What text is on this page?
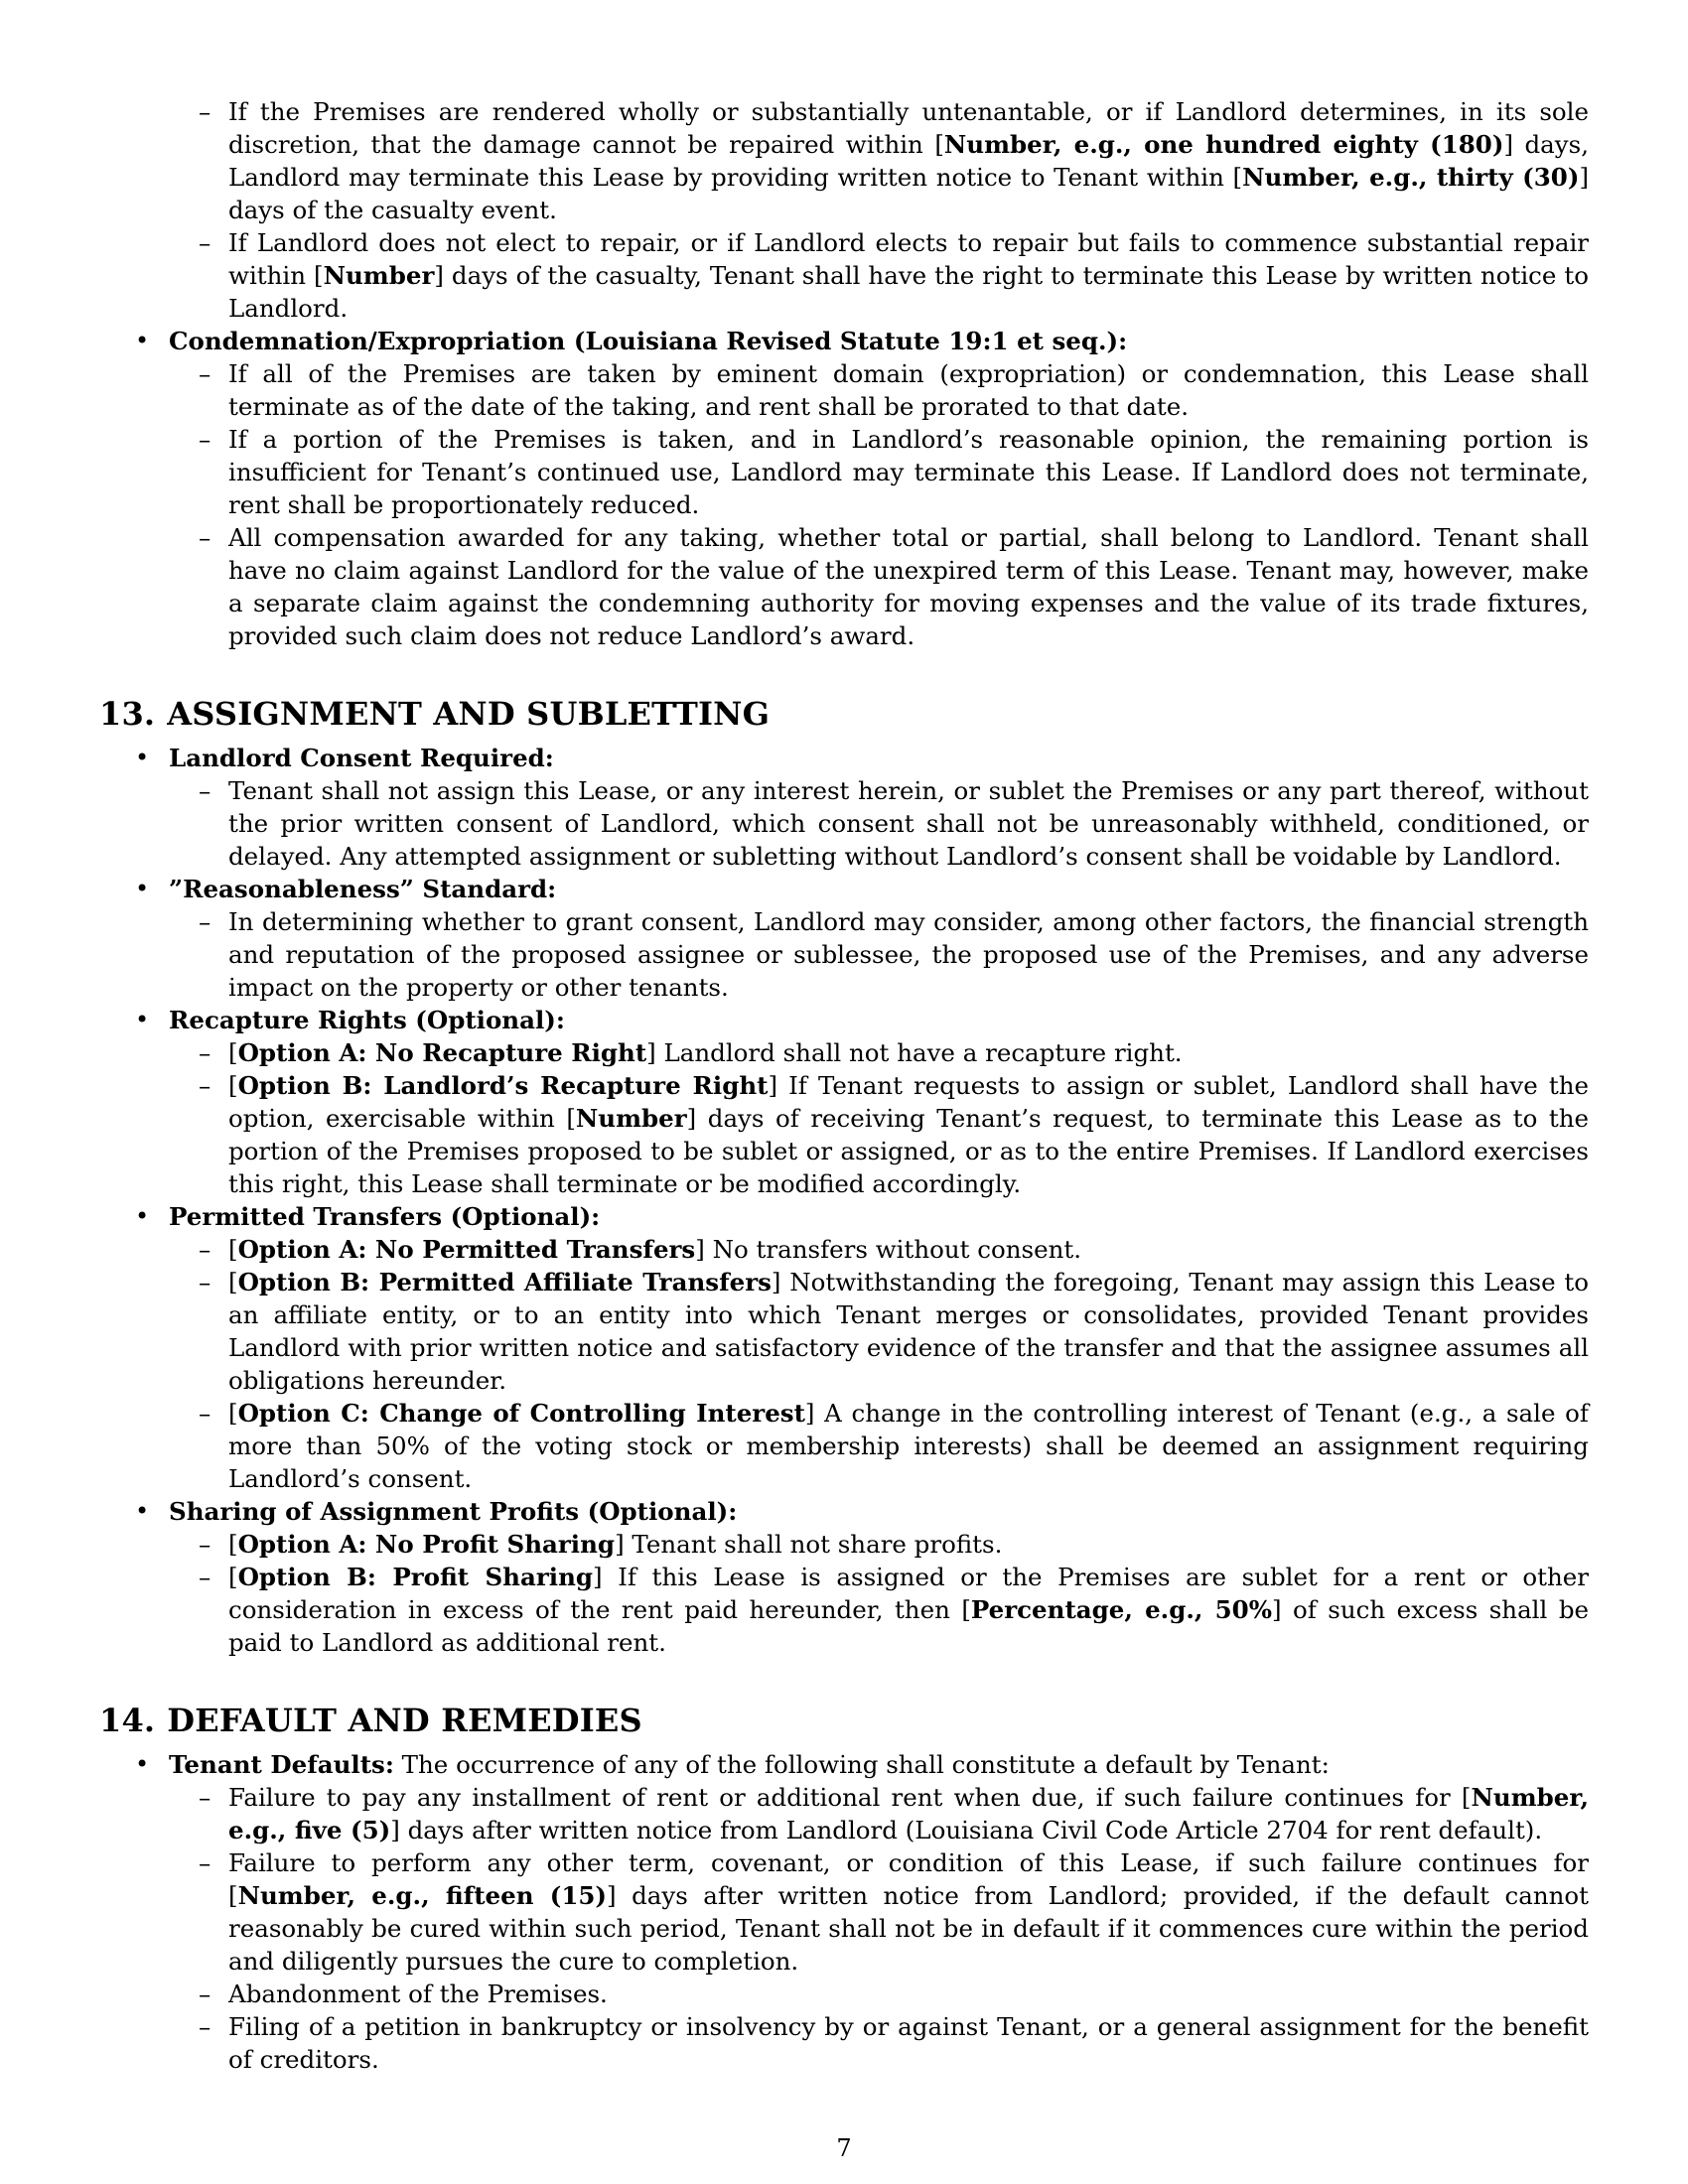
– If the Premises are rendered wholly or substantially untenantable, or if Landlord determines, in its sole discretion, that the damage cannot be repaired within [Number, e.g., one hundred eighty (180)] days, Landlord may terminate this Lease by providing written notice to Tenant within [Number, e.g., thirty (30)] days of the casualty event.
– If Landlord does not elect to repair, or if Landlord elects to repair but fails to commence substantial repair within [Number] days of the casualty, Tenant shall have the right to terminate this Lease by written notice to Landlord.
• Condemnation/Expropriation (Louisiana Revised Statute 19:1 et seq.):
– If all of the Premises are taken by eminent domain (expropriation) or condemnation, this Lease shall terminate as of the date of the taking, and rent shall be prorated to that date.
– If a portion of the Premises is taken, and in Landlord’s reasonable opinion, the remaining portion is insufficient for Tenant’s continued use, Landlord may terminate this Lease. If Landlord does not terminate, rent shall be proportionately reduced.
– All compensation awarded for any taking, whether total or partial, shall belong to Landlord. Tenant shall have no claim against Landlord for the value of the unexpired term of this Lease. Tenant may, however, make a separate claim against the condemning authority for moving expenses and the value of its trade fixtures, provided such claim does not reduce Landlord’s award.
13. ASSIGNMENT AND SUBLETTING
• Landlord Consent Required:
– Tenant shall not assign this Lease, or any interest herein, or sublet the Premises or any part thereof, without the prior written consent of Landlord, which consent shall not be unreasonably withheld, conditioned, or delayed. Any attempted assignment or subletting without Landlord’s consent shall be voidable by Landlord.
• ”Reasonableness” Standard:
– In determining whether to grant consent, Landlord may consider, among other factors, the financial strength and reputation of the proposed assignee or sublessee, the proposed use of the Premises, and any adverse impact on the property or other tenants.
• Recapture Rights (Optional):
– [Option A: No Recapture Right] Landlord shall not have a recapture right.
– [Option B: Landlord’s Recapture Right] If Tenant requests to assign or sublet, Landlord shall have the option, exercisable within [Number] days of receiving Tenant’s request, to terminate this Lease as to the portion of the Premises proposed to be sublet or assigned, or as to the entire Premises. If Landlord exercises this right, this Lease shall terminate or be modified accordingly.
• Permitted Transfers (Optional):
– [Option A: No Permitted Transfers] No transfers without consent.
– [Option B: Permitted Affiliate Transfers] Notwithstanding the foregoing, Tenant may assign this Lease to an affiliate entity, or to an entity into which Tenant merges or consolidates, provided Tenant provides Landlord with prior written notice and satisfactory evidence of the transfer and that the assignee assumes all obligations hereunder.
– [Option C: Change of Controlling Interest] A change in the controlling interest of Tenant (e.g., a sale of more than 50% of the voting stock or membership interests) shall be deemed an assignment requiring Landlord’s consent.
• Sharing of Assignment Profits (Optional):
– [Option A: No Profit Sharing] Tenant shall not share profits.
– [Option B: Profit Sharing] If this Lease is assigned or the Premises are sublet for a rent or other consideration in excess of the rent paid hereunder, then [Percentage, e.g., 50%] of such excess shall be paid to Landlord as additional rent.
14. DEFAULT AND REMEDIES
• Tenant Defaults: The occurrence of any of the following shall constitute a default by Tenant:
– Failure to pay any installment of rent or additional rent when due, if such failure continues for [Number, e.g., five (5)] days after written notice from Landlord (Louisiana Civil Code Article 2704 for rent default).
– Failure to perform any other term, covenant, or condition of this Lease, if such failure continues for [Number, e.g., fifteen (15)] days after written notice from Landlord; provided, if the default cannot reasonably be cured within such period, Tenant shall not be in default if it commences cure within the period and diligently pursues the cure to completion.
– Abandonment of the Premises.
– Filing of a petition in bankruptcy or insolvency by or against Tenant, or a general assignment for the benefit of creditors.
7
